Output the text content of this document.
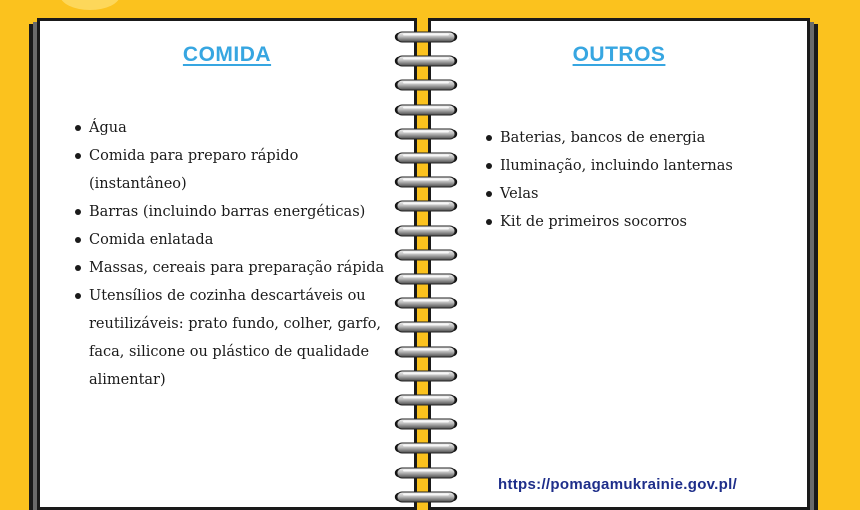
COMIDA
Água
Comida para preparo rápido (instantâneo)
Barras (incluindo barras energéticas)
Comida enlatada
Massas, cereais para preparação rápida
Utensílios de cozinha descartáveis ou reutilizáveis: prato fundo, colher, garfo, faca, silicone ou plástico de qualidade alimentar)
OUTROS
Baterias, bancos de energia
Iluminação, incluindo lanternas
Velas
Kit de primeiros socorros
https://pomagamukrainie.gov.pl/
